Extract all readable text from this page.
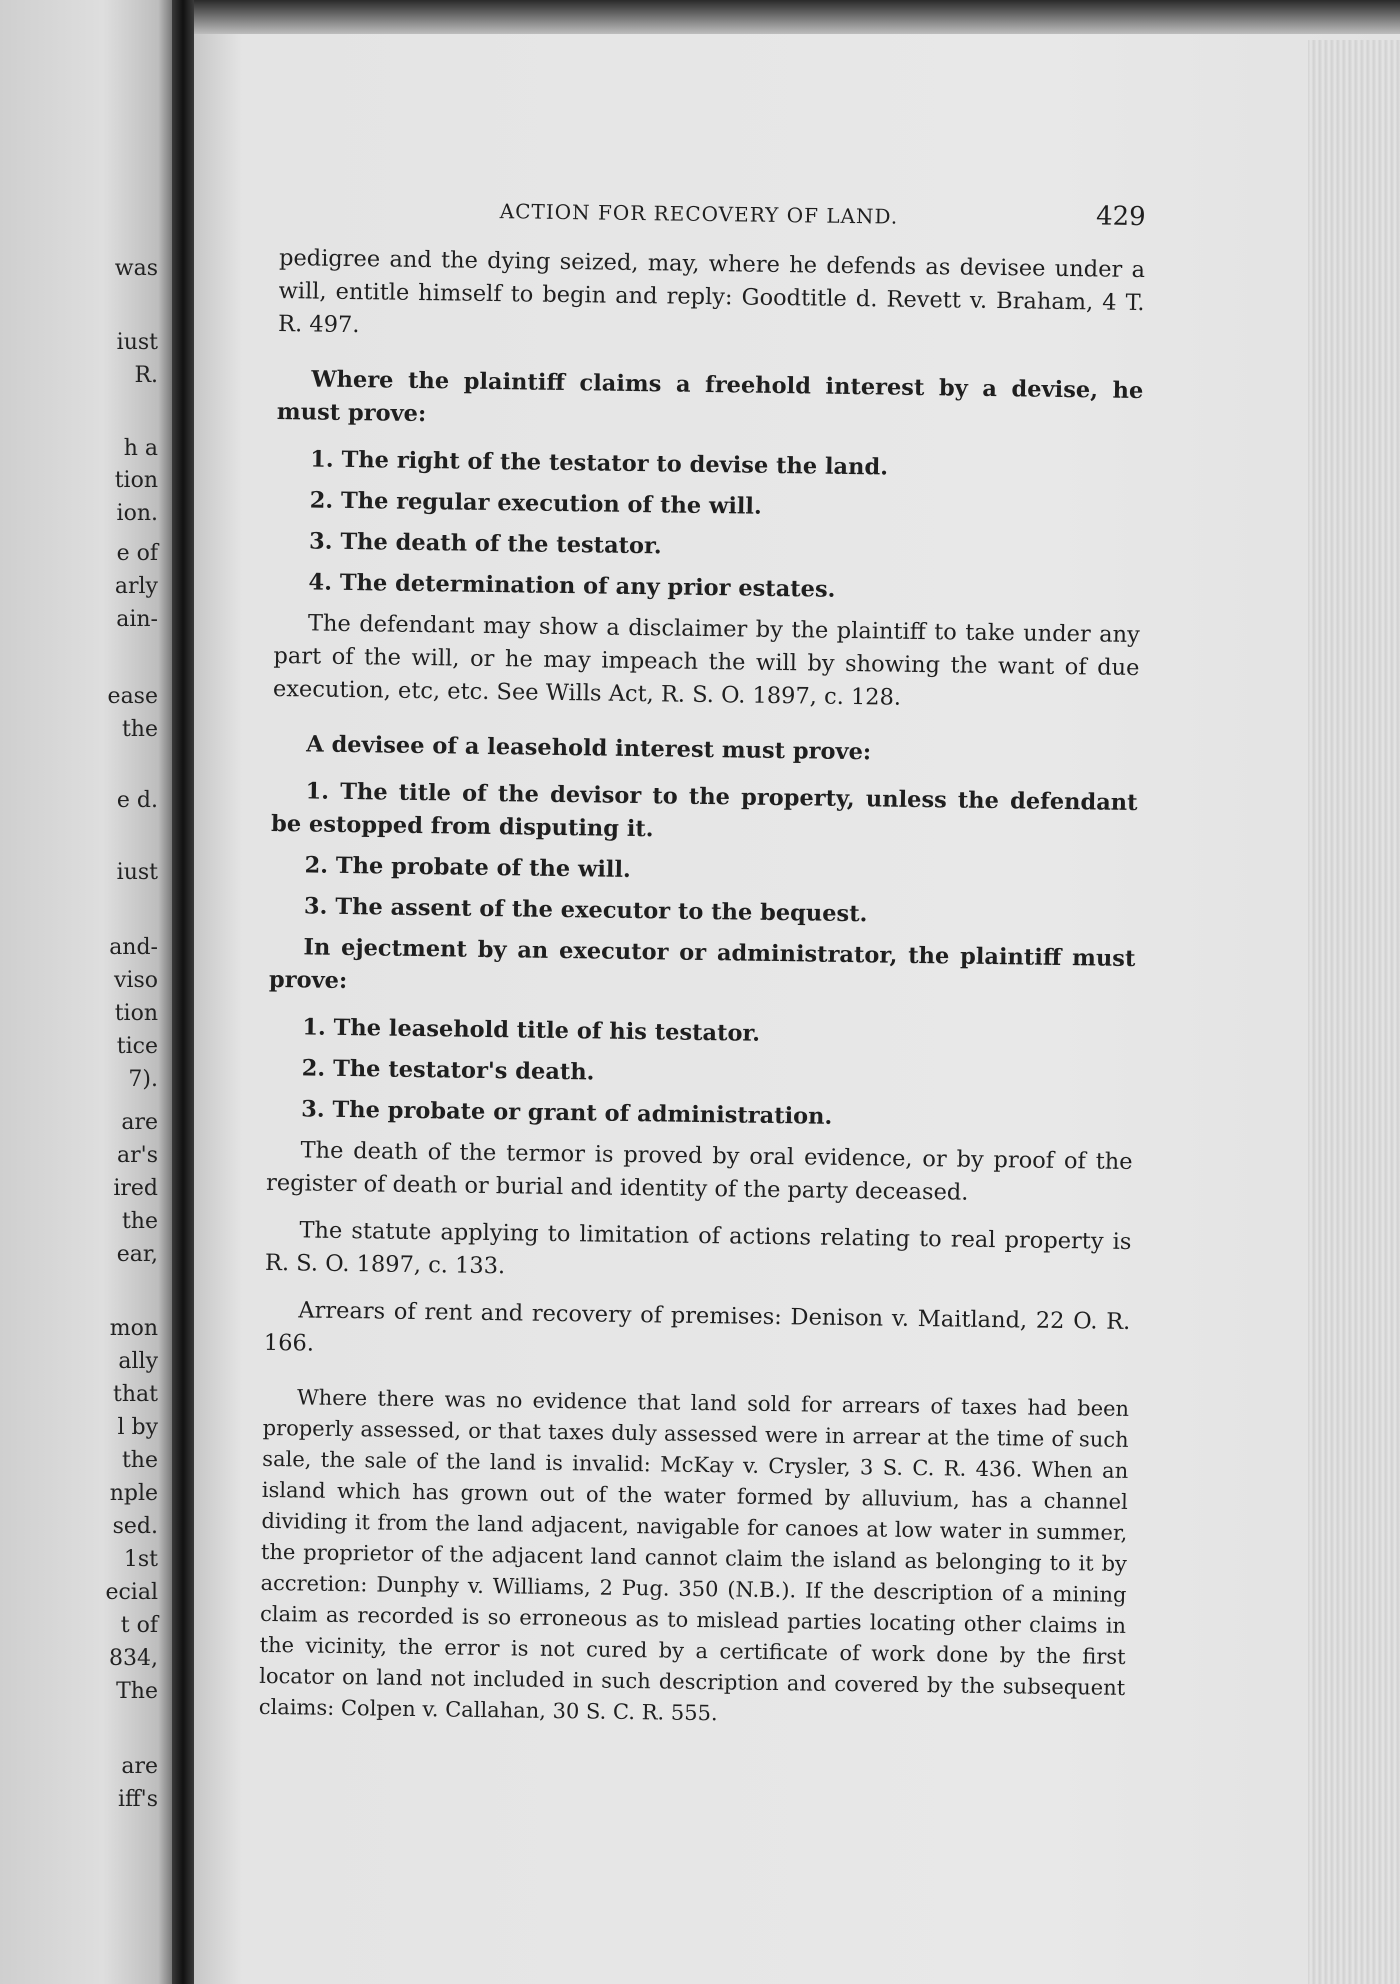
was
iust
R.
h a
tion
ion.
e of
arly
ain-
ease
the
e d.
iust
and-
viso
tion
tice
7).
are
ar's
ired
the
ear,
mon
ally
that
l by
the
nple
sed.
1st
ecial
t of
834,
The
are
iff's
ACTION FOR RECOVERY OF LAND.	429

pedigree and the dying seized, may, where he defends as devisee under a will, entitle himself to begin and reply: Goodtitle d. Revett v. Braham, 4 T. R. 497.

Where the plaintiff claims a freehold interest by a devise, he must prove:

1. The right of the testator to devise the land.

2. The regular execution of the will.

3. The death of the testator.

4. The determination of any prior estates.

The defendant may show a disclaimer by the plaintiff to take under any part of the will, or he may impeach the will by showing the want of due execution, etc, etc. See Wills Act, R. S. O. 1897, c. 128.

A devisee of a leasehold interest must prove:

1. The title of the devisor to the property, unless the defendant be estopped from disputing it.

2. The probate of the will.

3. The assent of the executor to the bequest.

In ejectment by an executor or administrator, the plaintiff must prove:

1. The leasehold title of his testator.

2. The testator's death.

3. The probate or grant of administration.

The death of the termor is proved by oral evidence, or by proof of the register of death or burial and identity of the party deceased.

The statute applying to limitation of actions relating to real property is R. S. O. 1897, c. 133.

Arrears of rent and recovery of premises: Denison v. Maitland, 22 O. R. 166.

Where there was no evidence that land sold for arrears of taxes had been properly assessed, or that taxes duly assessed were in arrear at the time of such sale, the sale of the land is invalid: McKay v. Crysler, 3 S. C. R. 436. When an island which has grown out of the water formed by alluvium, has a channel dividing it from the land adjacent, navigable for canoes at low water in summer, the proprietor of the adjacent land cannot claim the island as belonging to it by accretion: Dunphy v. Williams, 2 Pug. 350 (N.B.). If the description of a mining claim as recorded is so erroneous as to mislead parties locating other claims in the vicinity, the error is not cured by a certificate of work done by the first locator on land not included in such description and covered by the subsequent claims: Colpen v. Callahan, 30 S. C. R. 555.
